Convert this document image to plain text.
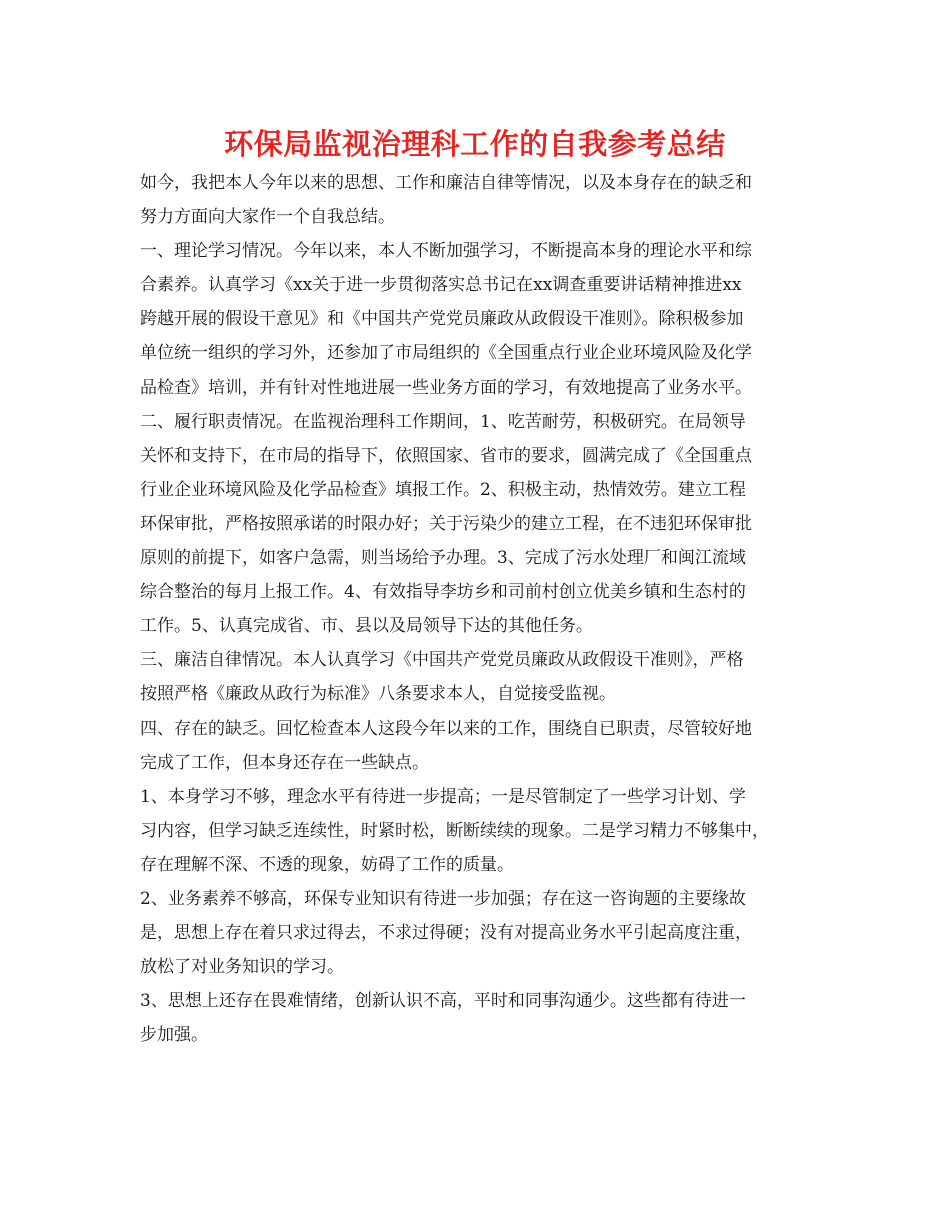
环保局监视治理科工作的自我参考总结
如今，我把本人今年以来的思想、工作和廉洁自律等情况，以及本身存在的缺乏和
努力方面向大家作一个自我总结。
一、理论学习情况。今年以来，本人不断加强学习，不断提高本身的理论水平和综
合素养。认真学习《xx关于进一步贯彻落实总书记在xx调查重要讲话精神推进xx
跨越开展的假设干意见》和《中国共产党党员廉政从政假设干准则》。除积极参加
单位统一组织的学习外，还参加了市局组织的《全国重点行业企业环境风险及化学
品检查》培训，并有针对性地进展一些业务方面的学习，有效地提高了业务水平。
二、履行职责情况。在监视治理科工作期间，1、吃苦耐劳，积极研究。在局领导
关怀和支持下，在市局的指导下，依照国家、省市的要求，圆满完成了《全国重点
行业企业环境风险及化学品检查》填报工作。2、积极主动，热情效劳。建立工程
环保审批，严格按照承诺的时限办好；关于污染少的建立工程，在不违犯环保审批
原则的前提下，如客户急需，则当场给予办理。3、完成了污水处理厂和闽江流域
综合整治的每月上报工作。4、有效指导李坊乡和司前村创立优美乡镇和生态村的
工作。5、认真完成省、市、县以及局领导下达的其他任务。
三、廉洁自律情况。本人认真学习《中国共产党党员廉政从政假设干准则》，严格
按照严格《廉政从政行为标准》八条要求本人，自觉接受监视。
四、存在的缺乏。回忆检查本人这段今年以来的工作，围绕自已职责，尽管较好地
完成了工作，但本身还存在一些缺点。
1、本身学习不够，理念水平有待进一步提高；一是尽管制定了一些学习计划、学
习内容，但学习缺乏连续性，时紧时松，断断续续的现象。二是学习精力不够集中，
存在理解不深、不透的现象，妨碍了工作的质量。
2、业务素养不够高，环保专业知识有待进一步加强；存在这一咨询题的主要缘故
是，思想上存在着只求过得去，不求过得硬；没有对提高业务水平引起高度注重，
放松了对业务知识的学习。
3、思想上还存在畏难情绪，创新认识不高，平时和同事沟通少。这些都有待进一
步加强。
